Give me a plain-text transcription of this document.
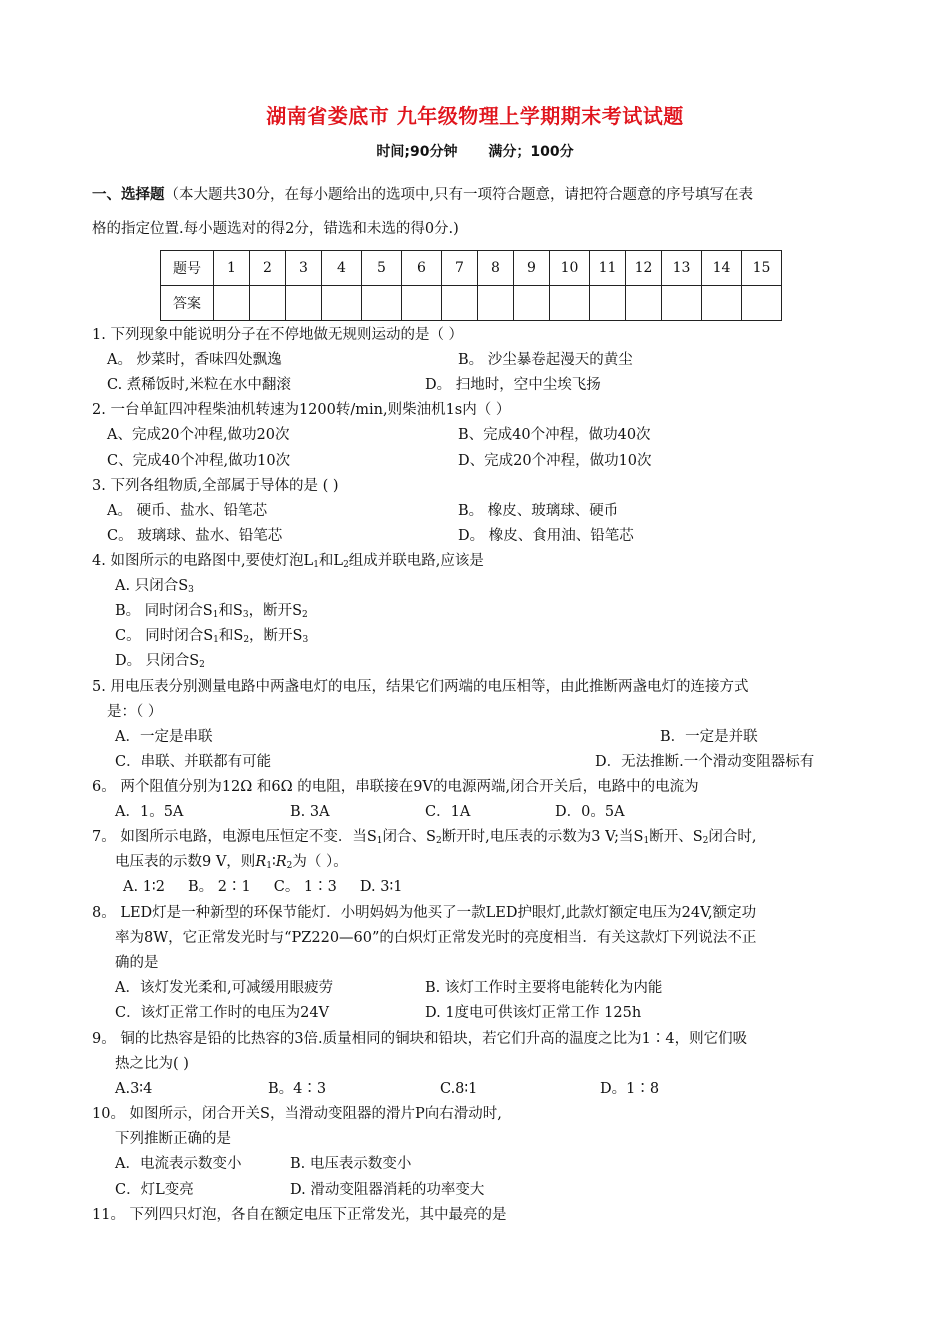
湖南省娄底市 九年级物理上学期期末考试试题
时间;90分钟 满分；100分
一、选择题（本大题共30分，在每小题给出的选项中,只有一项符合题意，请把符合题意的序号填写在表
格的指定位置.每小题选对的得2分，错选和未选的得0分.)
题号	1	2	3	4	5	6	7	8	9	10	11	12	13	14	15
答案															
1. 下列现象中能说明分子在不停地做无规则运动的是（ ）
A。 炒菜时，香味四处飘逸	B。 沙尘暴卷起漫天的黄尘
C. 煮稀饭时,米粒在水中翻滚	D。 扫地时，空中尘埃飞扬
2. 一台单缸四冲程柴油机转速为1200转/min,则柴油机1s内（ ）
A、完成20个冲程,做功20次	B、完成40个冲程，做功40次
C、完成40个冲程,做功10次	D、完成20个冲程，做功10次
3. 下列各组物质,全部属于导体的是 ( )
A。 硬币、盐水、铅笔芯	B。 橡皮、玻璃球、硬币
C。 玻璃球、盐水、铅笔芯	D。 橡皮、食用油、铅笔芯
4. 如图所示的电路图中,要使灯泡$L_1$和$L_2$组成并联电路,应该是
A. 只闭合$S_3$
B。 同时闭合$S_1$和$S_3$，断开$S_2$
C。 同时闭合$S_1$和$S_2$，断开$S_3$
D。 只闭合$S_2$
5. 用电压表分别测量电路中两盏电灯的电压，结果它们两端的电压相等，由此推断两盏电灯的连接方式
是：（ ）
A．一定是串联	B．一定是并联
C．串联、并联都有可能	D．无法推断.一个滑动变阻器标有
6。 两个阻值分别为12Ω 和6Ω 的电阻，串联接在9V的电源两端,闭合开关后，电路中的电流为
A．1。5A	B. 3A	C．1A	D．0。5A
7。 如图所示电路，电源电压恒定不变．当$S_1$闭合、$S_2$断开时,电压表的示数为3 V;当$S_1$断开、$S_2$闭合时,
电压表的示数9 V，则$R_1∶R_2$为（ ）。
A. 1∶2     B。 2∶1     C。 1∶3     D. 3∶1
8。 LED灯是一种新型的环保节能灯．小明妈妈为他买了一款LED护眼灯,此款灯额定电压为24V,额定功
率为8W，它正常发光时与“PZ220—60”的白炽灯正常发光时的亮度相当．有关这款灯下列说法不正
确的是
A．该灯发光柔和,可减缓用眼疲劳	B. 该灯工作时主要将电能转化为内能
C．该灯正常工作时的电压为24V	D. 1度电可供该灯正常工作 125h
9。 铜的比热容是铅的比热容的3倍.质量相同的铜块和铅块，若它们升高的温度之比为1∶4，则它们吸
热之比为( )
A.3∶4	B。4∶3	C.8∶1	D。1∶8
10。 如图所示，闭合开关S，当滑动变阻器的滑片P向右滑动时,
下列推断正确的是
A．电流表示数变小	B. 电压表示数变小
C．灯L变亮	D. 滑动变阻器消耗的功率变大
11。 下列四只灯泡，各自在额定电压下正常发光，其中最亮的是
